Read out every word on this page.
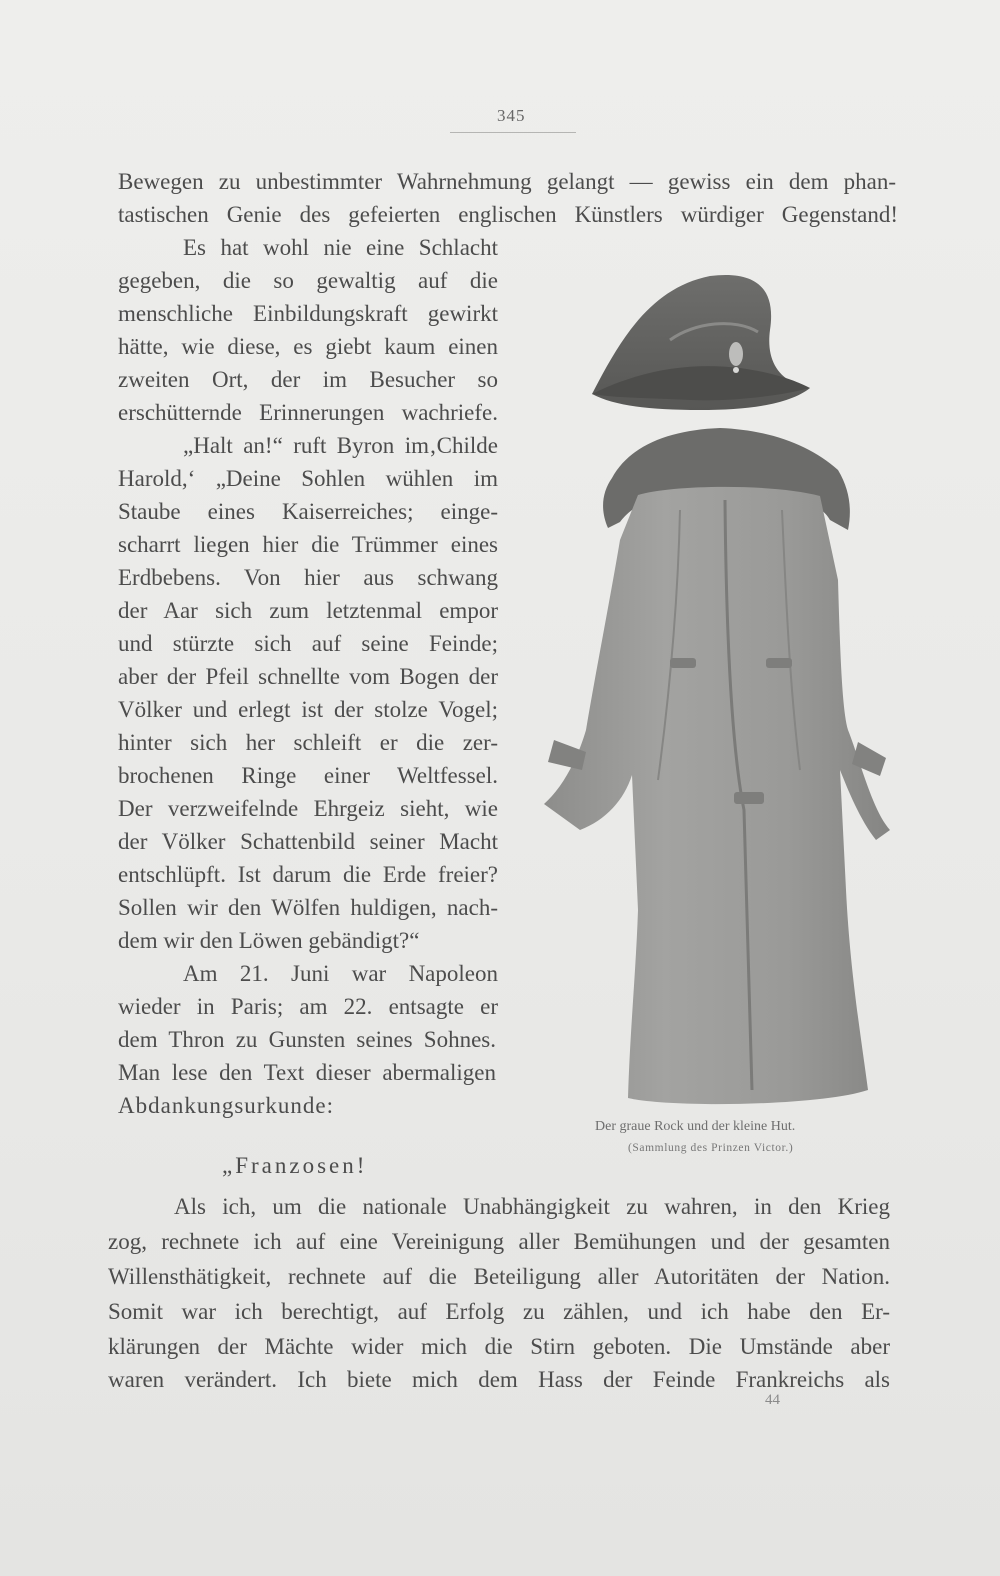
345
Bewegen zu unbestimmter Wahrnehmung gelangt — gewiss ein dem phan-
tastischen Genie des gefeierten englischen Künstlers würdiger Gegenstand!
Es hat wohl nie eine Schlacht
gegeben, die so gewaltig auf die
menschliche Einbildungskraft gewirkt
hätte, wie diese, es giebt kaum einen
zweiten Ort, der im Besucher so
erschütternde Erinnerungen wachriefe.
„Halt an!“ ruft Byron im‚Childe
Harold,‘ „Deine Sohlen wühlen im
Staube eines Kaiserreiches; einge-
scharrt liegen hier die Trümmer eines
Erdbebens. Von hier aus schwang
der Aar sich zum letztenmal empor
und stürzte sich auf seine Feinde;
aber der Pfeil schnellte vom Bogen der
Völker und erlegt ist der stolze Vogel;
hinter sich her schleift er die zer-
brochenen Ringe einer Weltfessel.
Der verzweifelnde Ehrgeiz sieht, wie
der Völker Schattenbild seiner Macht
entschlüpft. Ist darum die Erde freier?
Sollen wir den Wölfen huldigen, nach-
dem wir den Löwen gebändigt?“
Am 21. Juni war Napoleon
wieder in Paris; am 22. entsagte er
dem Thron zu Gunsten seines Sohnes.
Man lese den Text dieser abermaligen
Abdankungsurkunde:
„Franzosen!
Als ich, um die nationale Unabhängigkeit zu wahren, in den Krieg
zog, rechnete ich auf eine Vereinigung aller Bemühungen und der gesamten
Willensthätigkeit, rechnete auf die Beteiligung aller Autoritäten der Nation.
Somit war ich berechtigt, auf Erfolg zu zählen, und ich habe den Er-
klärungen der Mächte wider mich die Stirn geboten. Die Umstände aber
waren verändert. Ich biete mich dem Hass der Feinde Frankreichs als
44
Der graue Rock und der kleine Hut.
(Sammlung des Prinzen Victor.)
